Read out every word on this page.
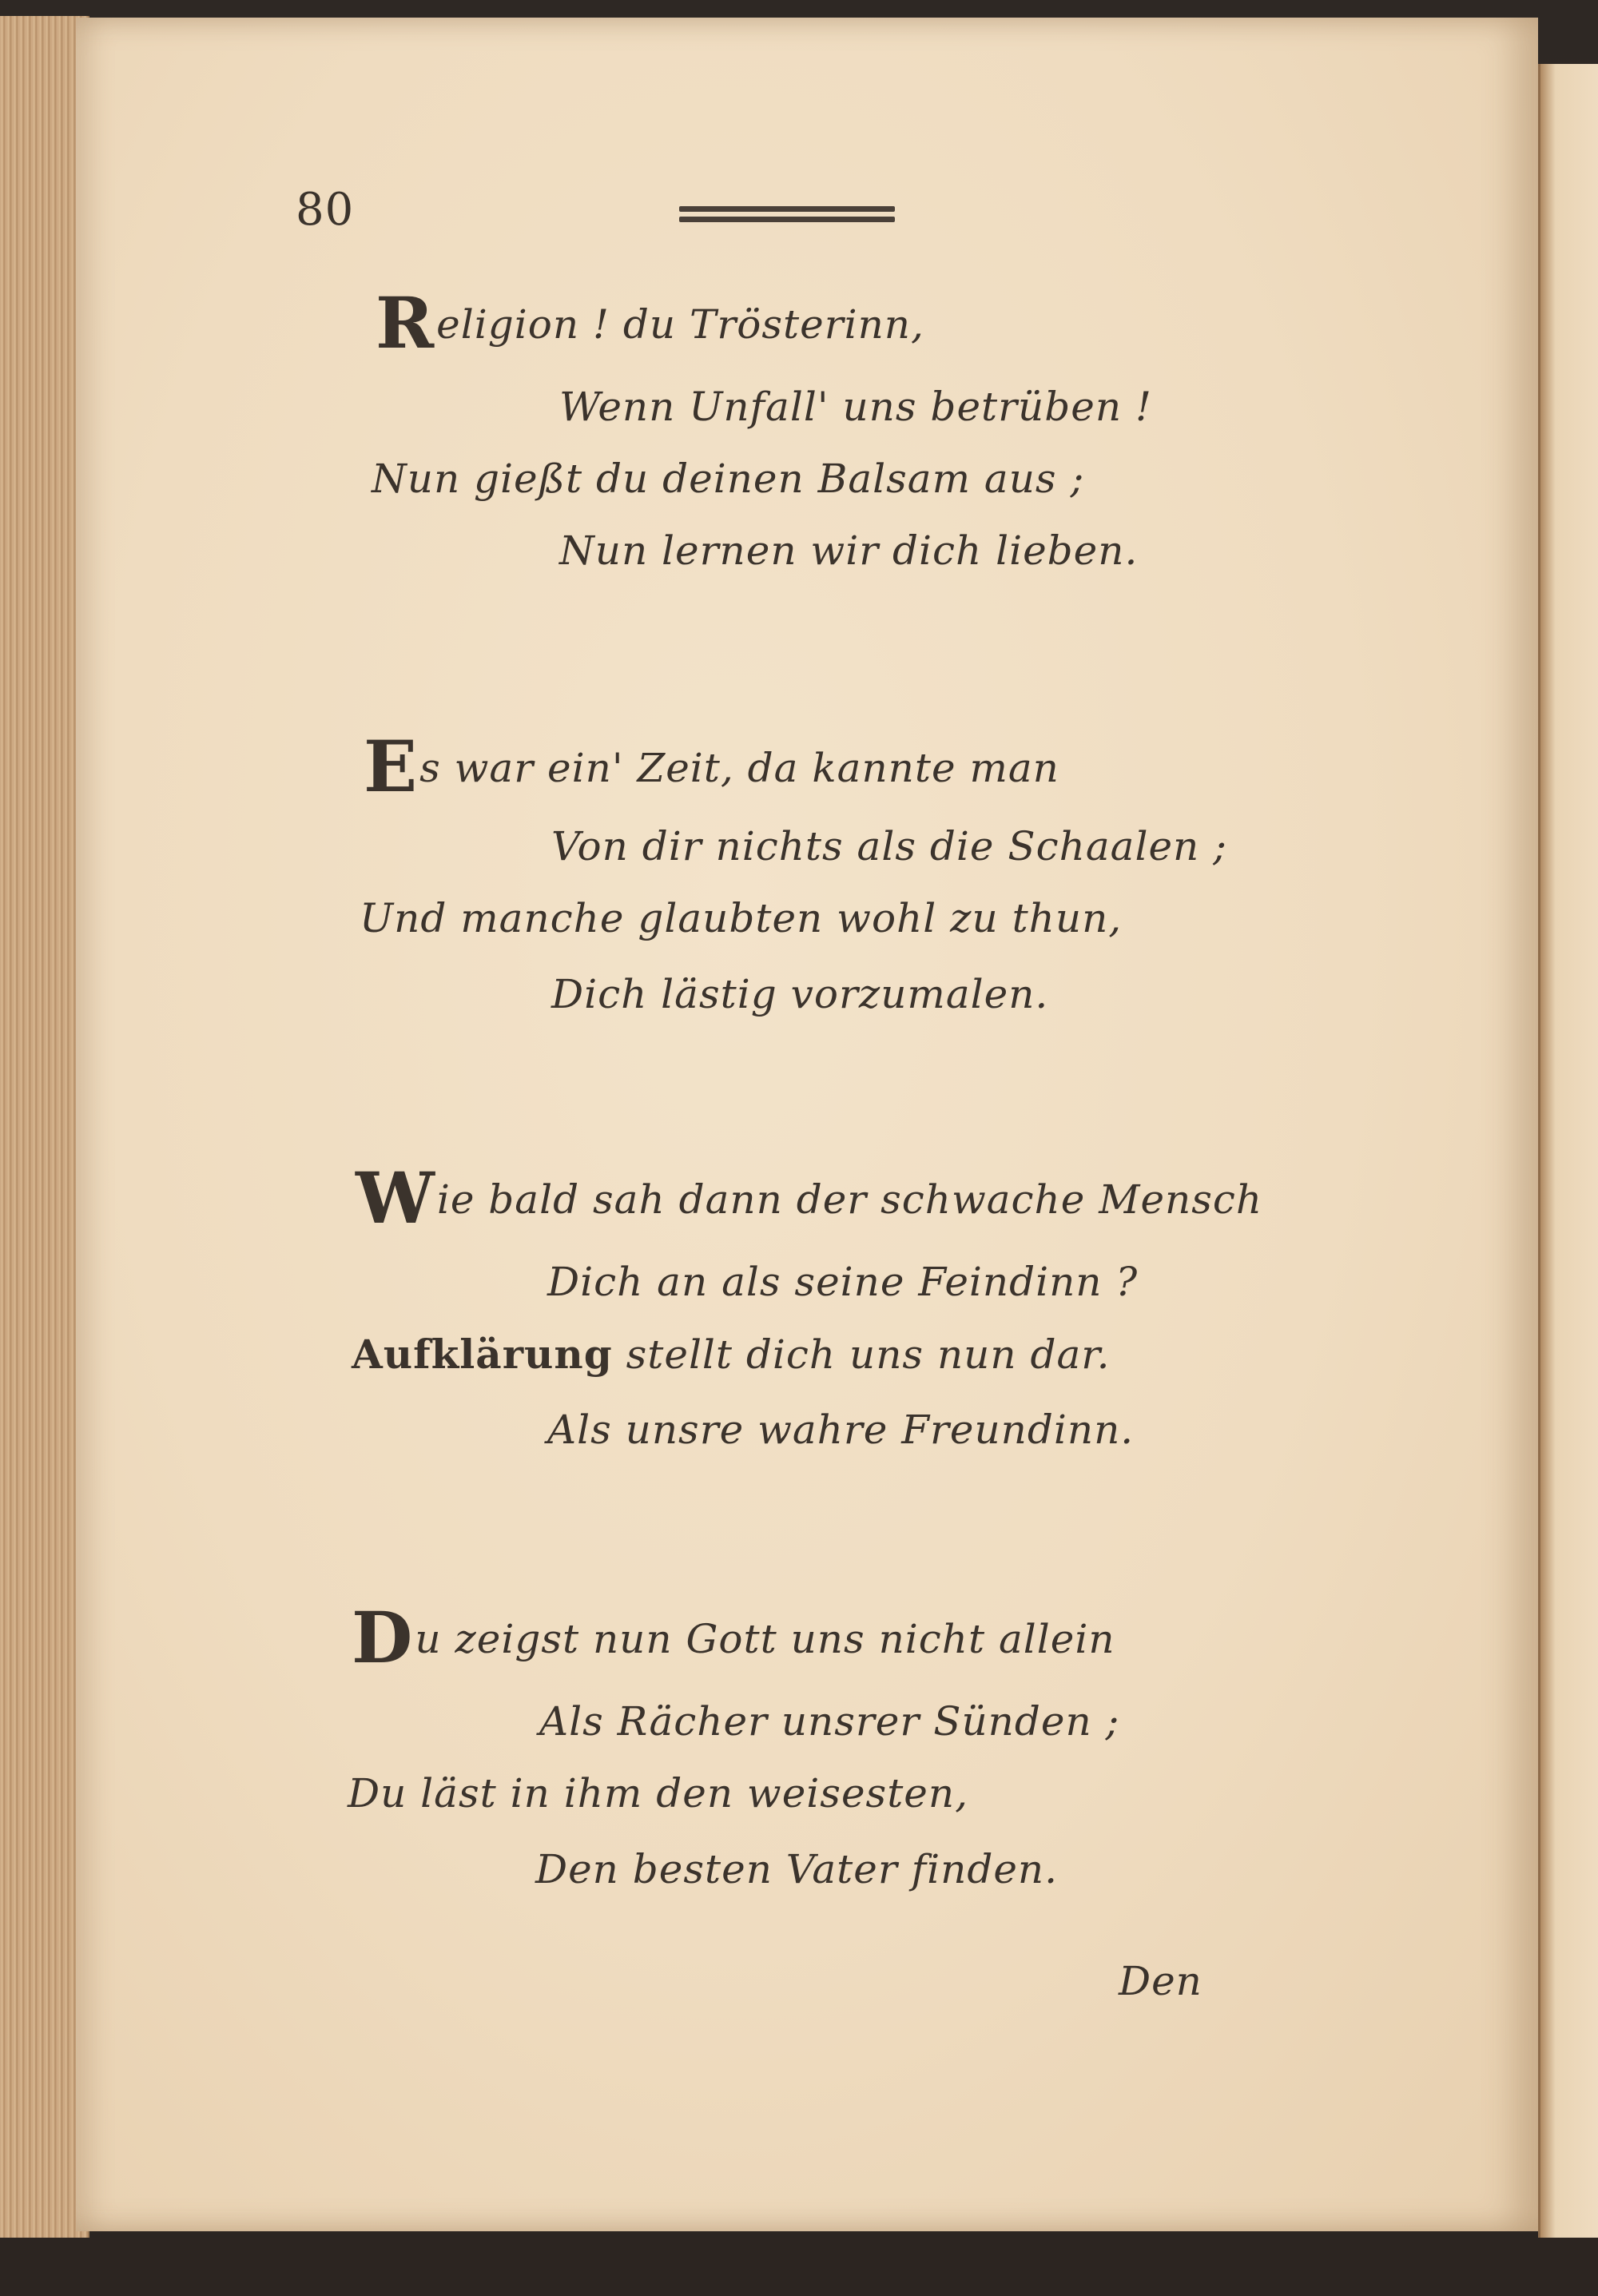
80
Religion ! du Trösterinn,
Wenn Unfall' uns betrüben !
Nun gießt du deinen Balsam aus ;
Nun lernen wir dich lieben.
Es war ein' Zeit, da kannte man
Von dir nichts als die Schaalen ;
Und manche glaubten wohl zu thun,
Dich lästig vorzumalen.
Wie bald sah dann der schwache Mensch
Dich an als seine Feindinn ?
Aufklärung stellt dich uns nun dar.
Als unsre wahre Freundinn.
Du zeigst nun Gott uns nicht allein
Als Rächer unsrer Sünden ;
Du läst in ihm den weisesten,
Den besten Vater finden.
Den
